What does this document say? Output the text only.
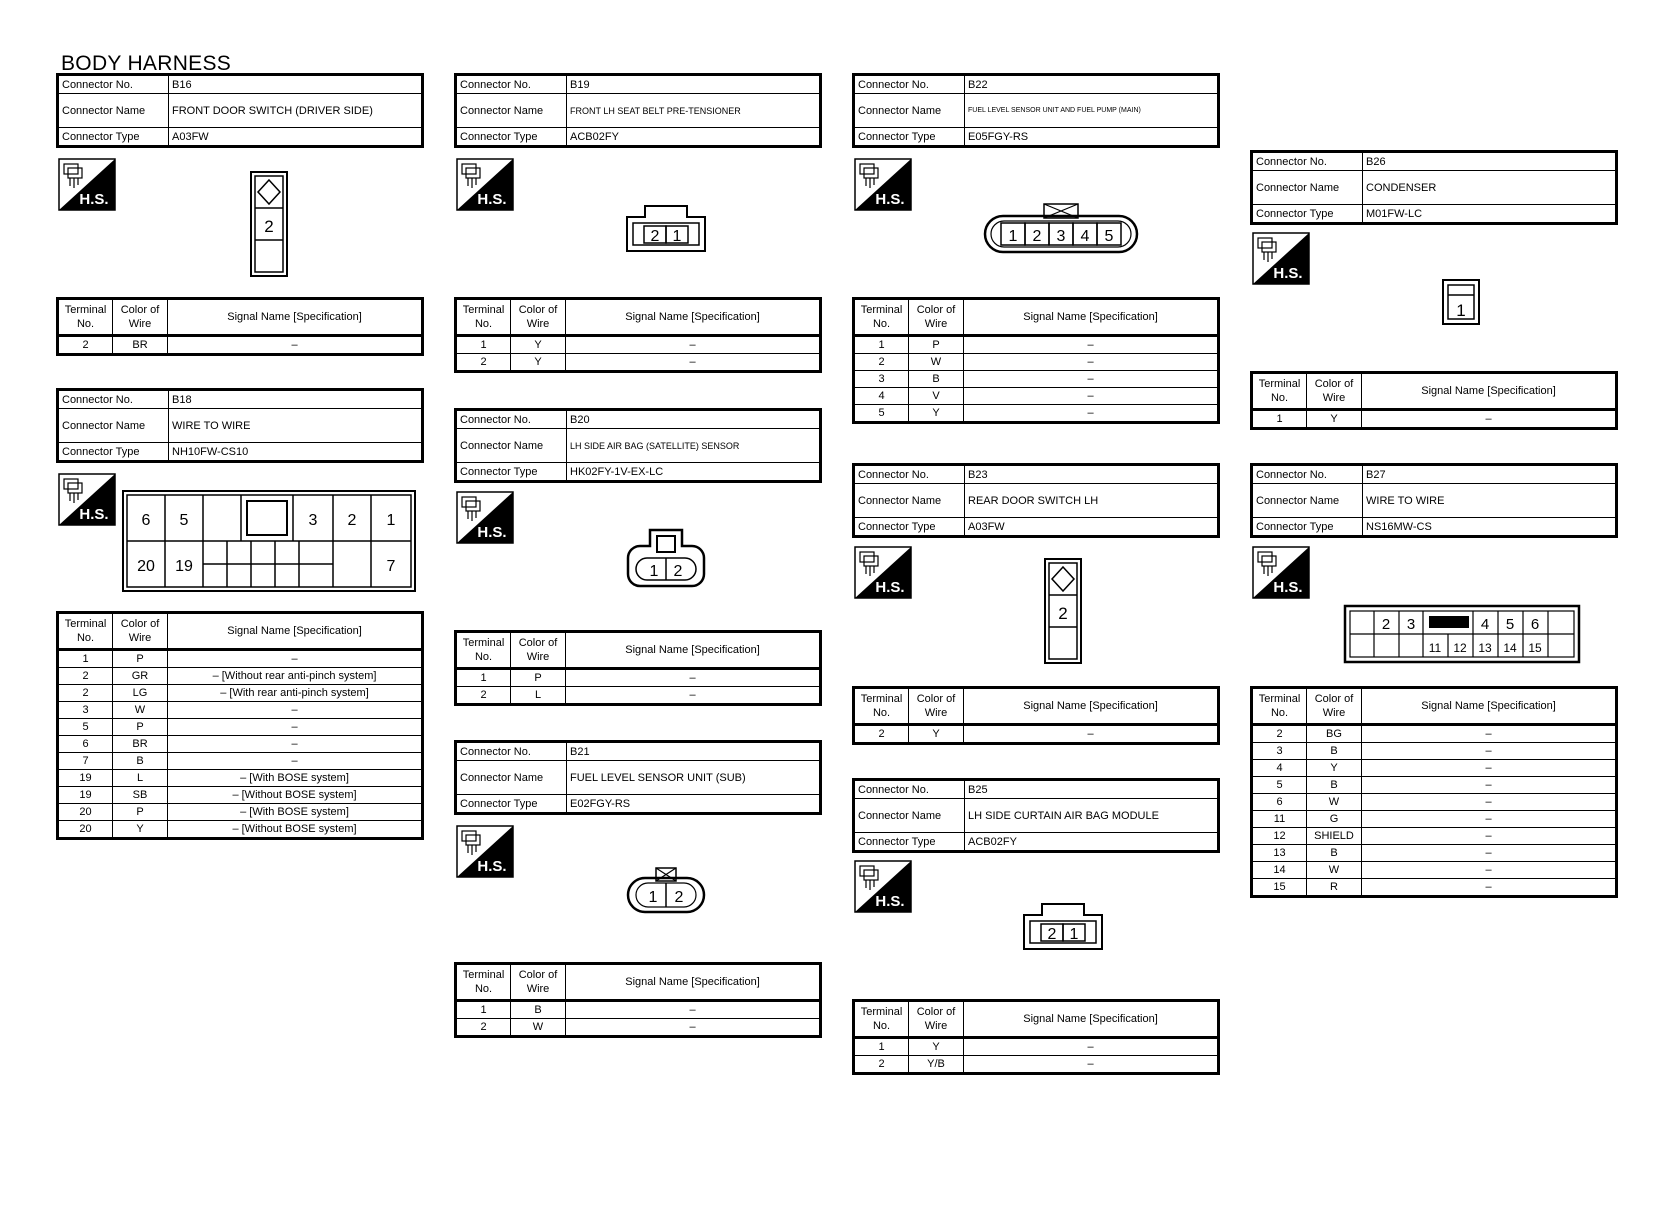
BODY HARNESS
Connector No.	B16
Connector Name	FRONT DOOR SWITCH (DRIVER SIDE)
Connector Type	A03FW
Connector No.	B18
Connector Name	WIRE TO WIRE
Connector Type	NH10FW-CS10
Connector No.	B19
Connector Name	FRONT LH SEAT BELT PRE-TENSIONER
Connector Type	ACB02FY
Connector No.	B20
Connector Name	LH SIDE AIR BAG (SATELLITE) SENSOR
Connector Type	HK02FY-1V-EX-LC
Connector No.	B21
Connector Name	FUEL LEVEL SENSOR UNIT (SUB)
Connector Type	E02FGY-RS
Connector No.	B22
Connector Name	FUEL LEVEL SENSOR UNIT AND FUEL PUMP (MAIN)
Connector Type	E05FGY-RS
Connector No.	B23
Connector Name	REAR DOOR SWITCH LH
Connector Type	A03FW
Connector No.	B25
Connector Name	LH SIDE CURTAIN AIR BAG MODULE
Connector Type	ACB02FY
Connector No.	B26
Connector Name	CONDENSER
Connector Type	M01FW-LC
Connector No.	B27
Connector Name	WIRE TO WIRE
Connector Type	NS16MW-CS
Terminal No.	Color of Wire	Signal Name [Specification]
2	BR	–
Terminal No.	Color of Wire	Signal Name [Specification]
1	P	–
2	GR	– [Without rear anti-pinch system]
2	LG	– [With rear anti-pinch system]
3	W	–
5	P	–
6	BR	–
7	B	–
19	L	– [With BOSE system]
19	SB	– [Without BOSE system]
20	P	– [With BOSE system]
20	Y	– [Without BOSE system]
Terminal No.	Color of Wire	Signal Name [Specification]
1	Y	–
2	Y	–
Terminal No.	Color of Wire	Signal Name [Specification]
1	P	–
2	L	–
Terminal No.	Color of Wire	Signal Name [Specification]
1	B	–
2	W	–
Terminal No.	Color of Wire	Signal Name [Specification]
1	P	–
2	W	–
3	B	–
4	V	–
5	Y	–
Terminal No.	Color of Wire	Signal Name [Specification]
2	Y	–
Terminal No.	Color of Wire	Signal Name [Specification]
1	Y	–
2	Y/B	–
Terminal No.	Color of Wire	Signal Name [Specification]
1	Y	–
Terminal No.	Color of Wire	Signal Name [Specification]
2	BG	–
3	B	–
4	Y	–
5	B	–
6	W	–
11	G	–
12	SHIELD	–
13	B	–
14	W	–
15	R	–
H.S.
H.S.
H.S.
H.S.
H.S.
H.S.
H.S.
H.S.
H.S.
H.S.
2
2 1	1 2 3 4 5
6 5	3 2 1
20 19	7	1 2
1 2
2
2 1
1
2 3	4 5 6
11 12 13 14 15
